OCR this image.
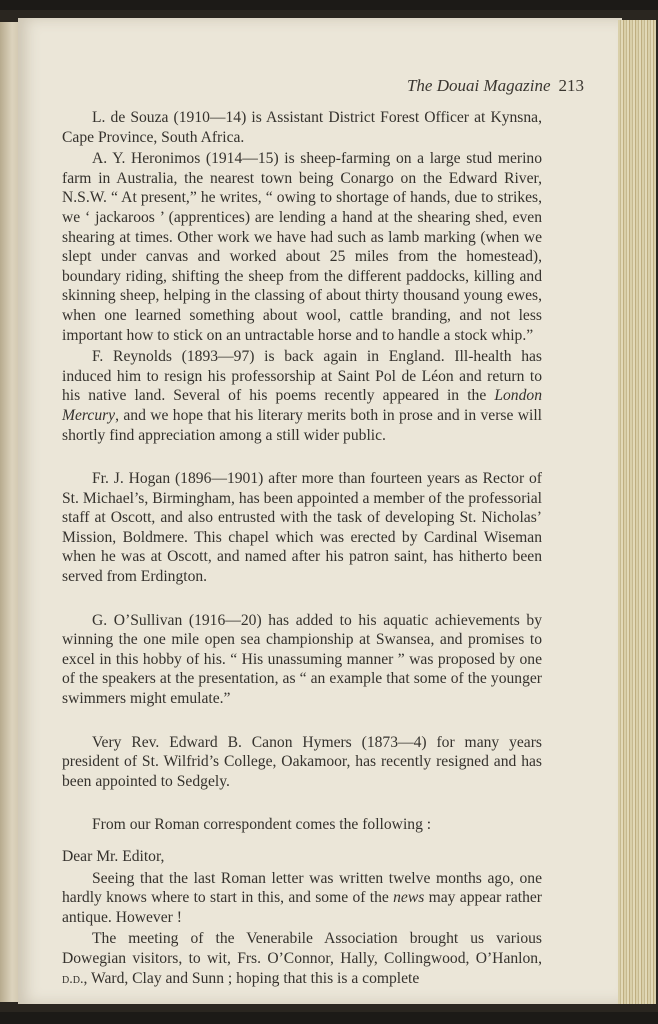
The Douai Magazine 213

L. de Souza (1910—14) is Assistant District Forest Officer at Kynsna, Cape Province, South Africa.

A. Y. Heronimos (1914—15) is sheep-farming on a large stud merino farm in Australia, the nearest town being Conargo on the Edward River, N.S.W. “ At present,” he writes, “ owing to shortage of hands, due to strikes, we ‘ jackaroos ’ (apprentices) are lending a hand at the shearing shed, even shearing at times. Other work we have had such as lamb marking (when we slept under canvas and worked about 25 miles from the homestead), boundary riding, shifting the sheep from the different paddocks, killing and skinning sheep, helping in the classing of about thirty thousand young ewes, when one learned something about wool, cattle branding, and not less important how to stick on an untractable horse and to handle a stock whip.”

F. Reynolds (1893—97) is back again in England. Ill-health has induced him to resign his professorship at Saint Pol de Léon and return to his native land. Several of his poems recently appeared in the London Mercury, and we hope that his literary merits both in prose and in verse will shortly find appreciation among a still wider public.

Fr. J. Hogan (1896—1901) after more than fourteen years as Rector of St. Michael’s, Birmingham, has been appointed a member of the professorial staff at Oscott, and also entrusted with the task of developing St. Nicholas’ Mission, Boldmere. This chapel which was erected by Cardinal Wiseman when he was at Oscott, and named after his patron saint, has hitherto been served from Erdington.

G. O’Sullivan (1916—20) has added to his aquatic achievements by winning the one mile open sea championship at Swansea, and promises to excel in this hobby of his. “ His unassuming manner ” was proposed by one of the speakers at the presentation, as “ an example that some of the younger swimmers might emulate.”

Very Rev. Edward B. Canon Hymers (1873—4) for many years president of St. Wilfrid’s College, Oakamoor, has recently resigned and has been appointed to Sedgely.

From our Roman correspondent comes the following :

Dear Mr. Editor,

Seeing that the last Roman letter was written twelve months ago, one hardly knows where to start in this, and some of the news may appear rather antique. However !

The meeting of the Venerabile Association brought us various Dowegian visitors, to wit, Frs. O’Connor, Hally, Collingwood, O’Hanlon, d.d., Ward, Clay and Sunn ; hoping that this is a complete
